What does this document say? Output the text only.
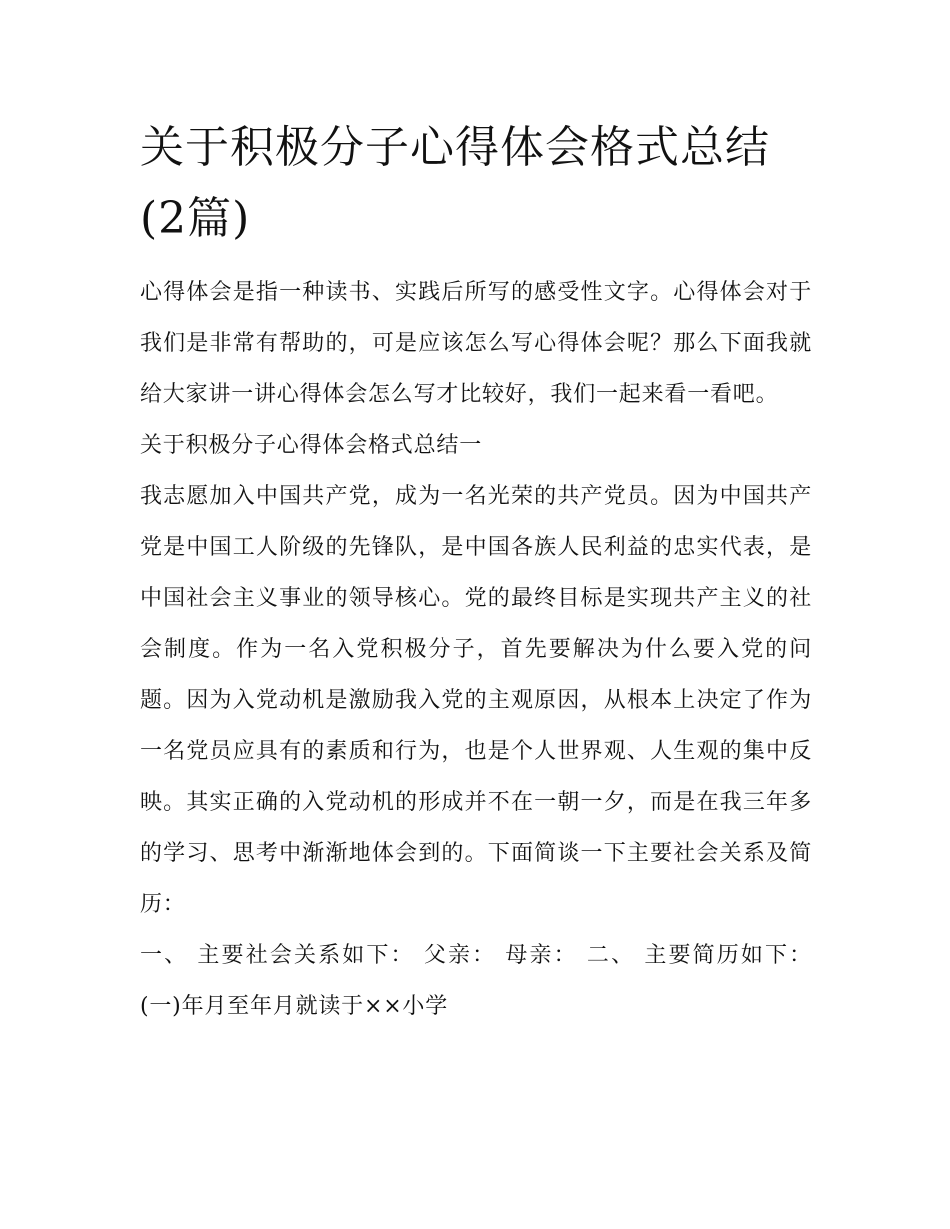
关于积极分子心得体会格式总结(2篇)

心得体会是指一种读书、实践后所写的感受性文字。心得体会对于我们是非常有帮助的，可是应该怎么写心得体会呢？那么下面我就给大家讲一讲心得体会怎么写才比较好，我们一起来看一看吧。

关于积极分子心得体会格式总结一

我志愿加入中国共产党，成为一名光荣的共产党员。因为中国共产党是中国工人阶级的先锋队，是中国各族人民利益的忠实代表，是中国社会主义事业的领导核心。党的最终目标是实现共产主义的社会制度。作为一名入党积极分子，首先要解决为什么要入党的问题。因为入党动机是激励我入党的主观原因，从根本上决定了作为一名党员应具有的素质和行为，也是个人世界观、人生观的集中反映。其实正确的入党动机的形成并不在一朝一夕，而是在我三年多的学习、思考中渐渐地体会到的。下面简谈一下主要社会关系及简历：

一、 主要社会关系如下： 父亲： 母亲： 二、 主要简历如下： (一)年月至年月就读于××小学
